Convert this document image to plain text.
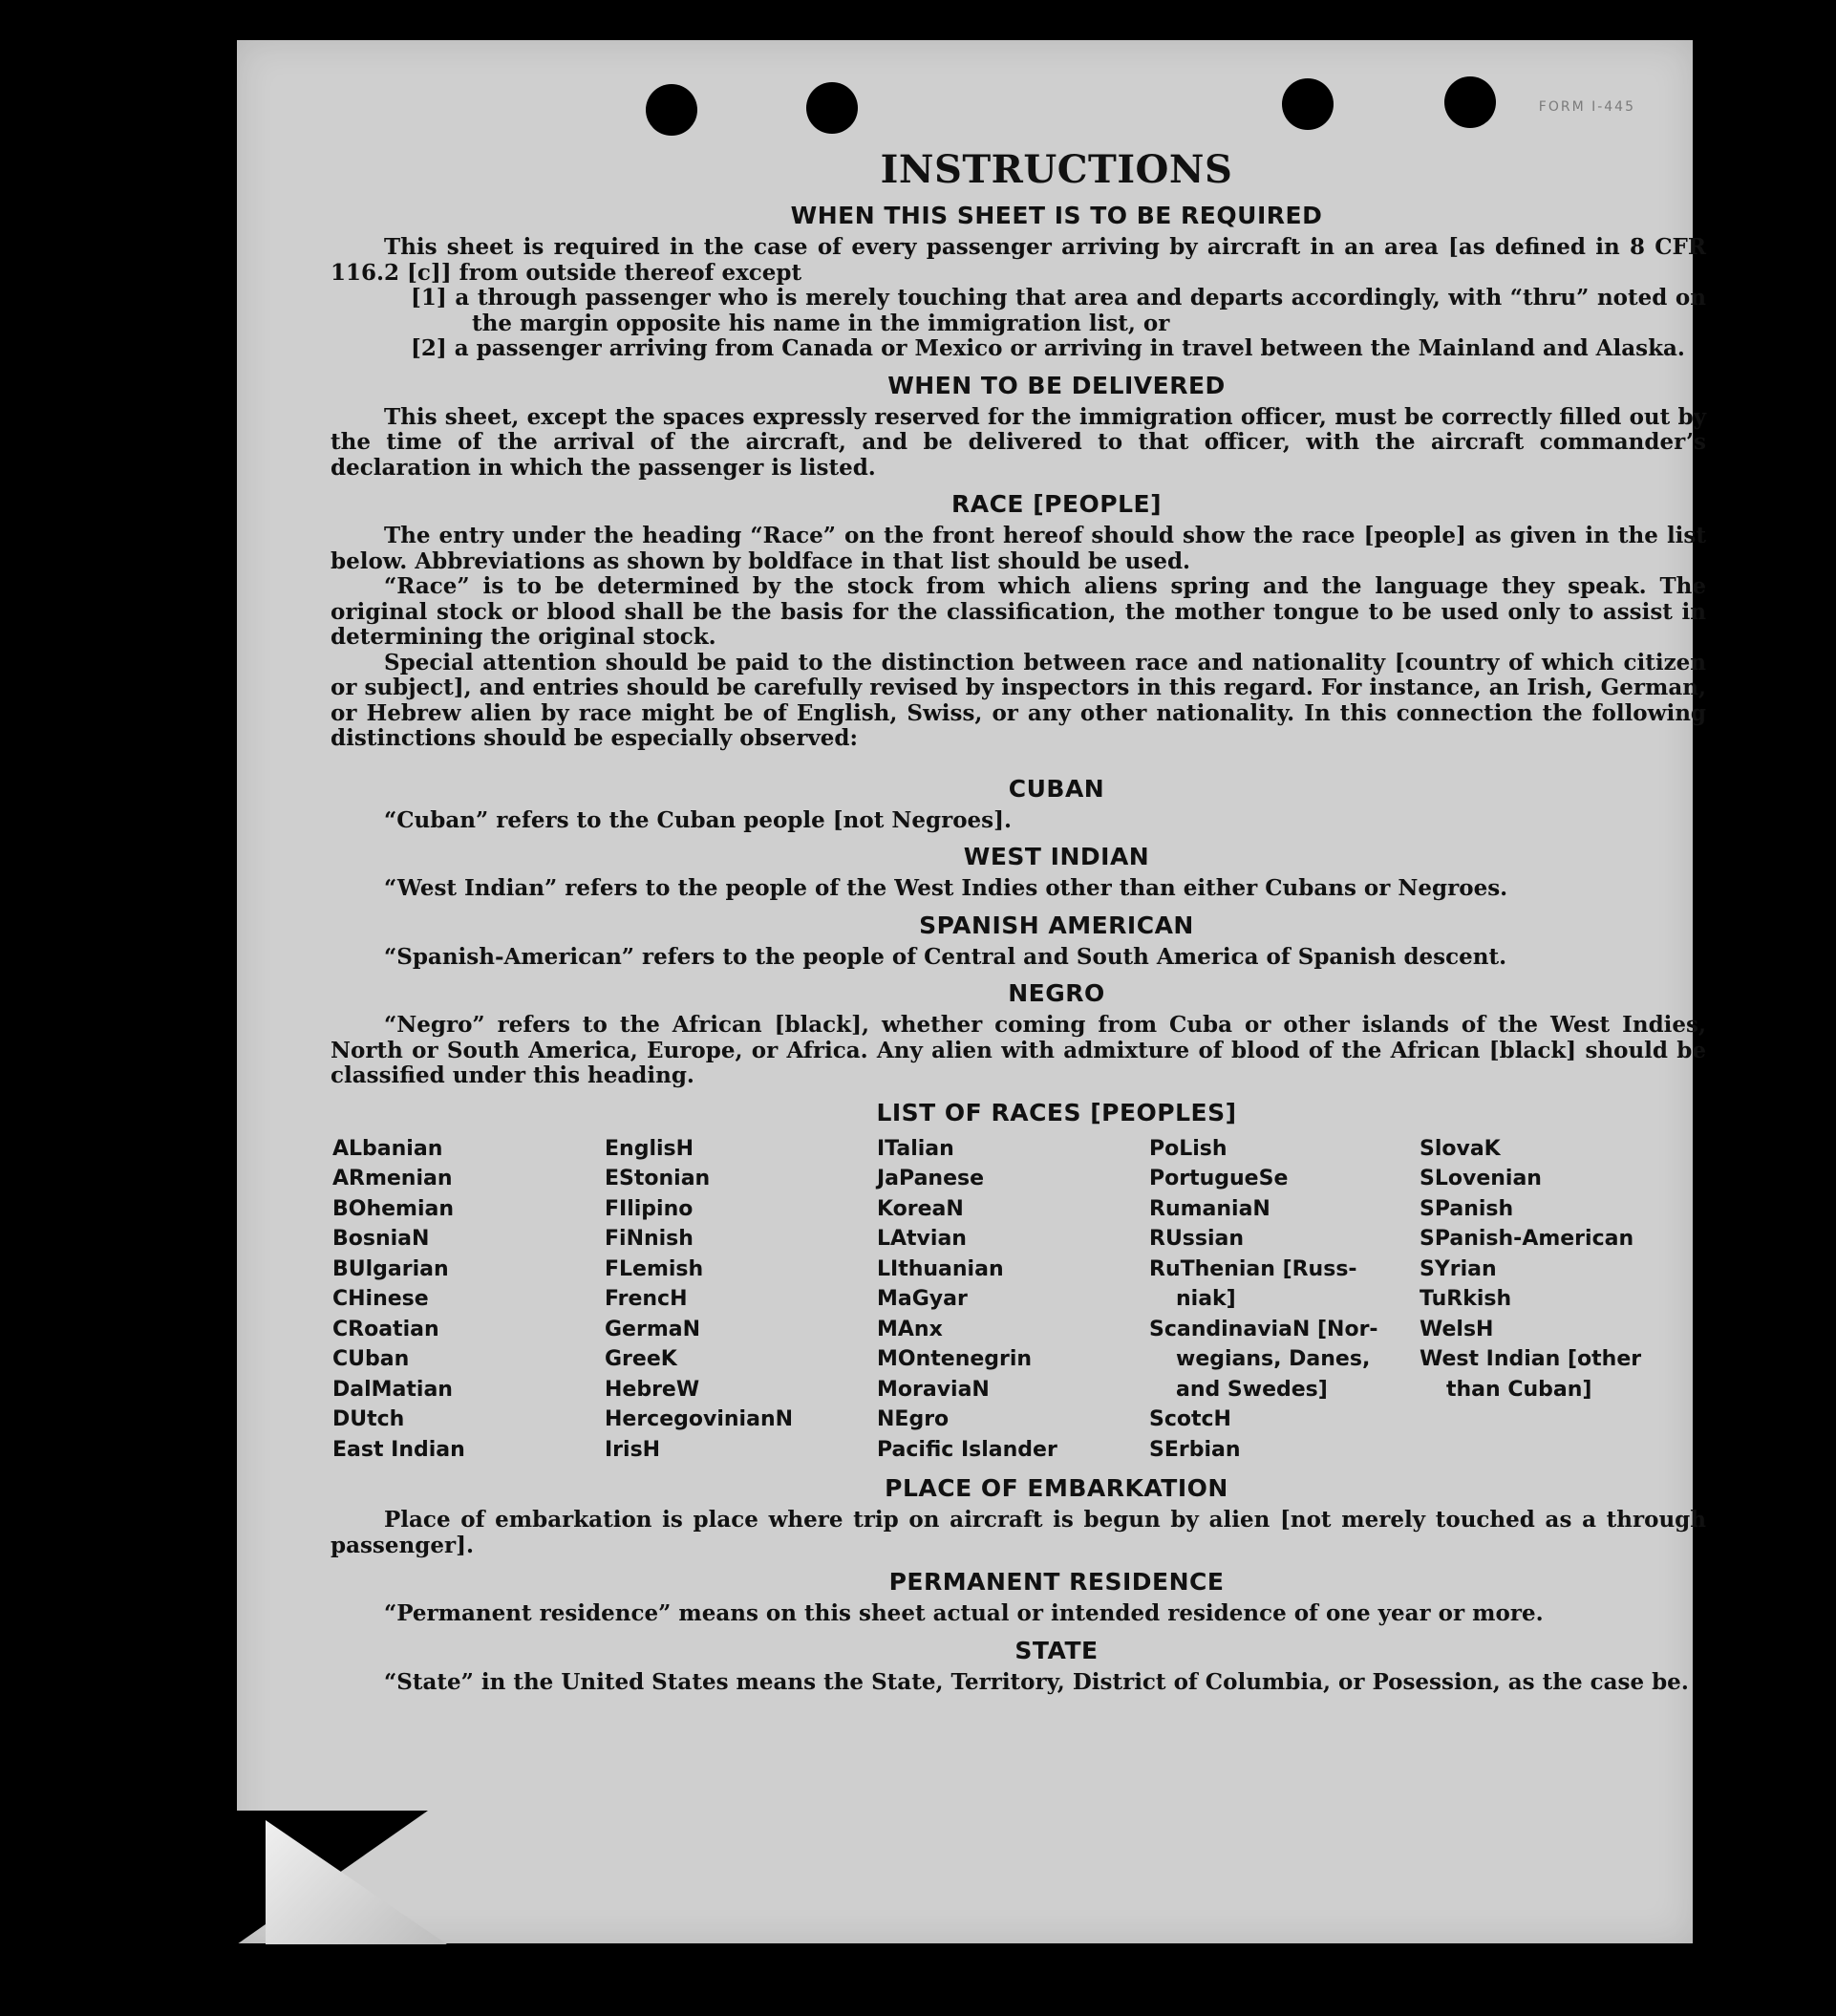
FORM I-445
INSTRUCTIONS
WHEN THIS SHEET IS TO BE REQUIRED

This sheet is required in the case of every passenger arriving by aircraft in an area [as defined in 8 CFR 116.2 [c]] from outside thereof except

[1] a through passenger who is merely touching that area and departs accordingly, with “thru” noted on the margin opposite his name in the immigration list, or

[2] a passenger arriving from Canada or Mexico or arriving in travel between the Mainland and Alaska.

WHEN TO BE DELIVERED

This sheet, except the spaces expressly reserved for the immigration officer, must be correctly filled out by the time of the arrival of the aircraft, and be delivered to that officer, with the aircraft commander’s declaration in which the passenger is listed.

RACE [PEOPLE]

The entry under the heading “Race” on the front hereof should show the race [people] as given in the list below. Abbreviations as shown by boldface in that list should be used.

“Race” is to be determined by the stock from which aliens spring and the language they speak. The original stock or blood shall be the basis for the classification, the mother tongue to be used only to assist in determining the original stock.

Special attention should be paid to the distinction between race and nationality [country of which citizen or subject], and entries should be carefully revised by inspectors in this regard. For instance, an Irish, German, or Hebrew alien by race might be of English, Swiss, or any other nationality. In this connection the following distinctions should be especially observed:

CUBAN

“Cuban” refers to the Cuban people [not Negroes].

WEST INDIAN

“West Indian” refers to the people of the West Indies other than either Cubans or Negroes.

SPANISH AMERICAN

“Spanish-American” refers to the people of Central and South America of Spanish descent.

NEGRO

“Negro” refers to the African [black], whether coming from Cuba or other islands of the West Indies, North or South America, Europe, or Africa. Any alien with admixture of blood of the African [black] should be classified under this heading.

LIST OF RACES [PEOPLES]
ALbanian
ARmenian
BOhemian
BosniaN
BUlgarian
CHinese
CRoatian
CUban
DalMatian
DUtch
East Indian
EnglisH
EStonian
FIlipino
FiNnish
FLemish
FrencH
GermaN
GreeK
HebreW
HercegovinianN
IrisH
ITalian
JaPanese
KoreaN
LAtvian
LIthuanian
MaGyar
MAnx
MOntenegrin
MoraviaN
NEgro
Pacific Islander
PoLish
PortugueSe
RumaniaN
RUssian
RuThenian [Russ-
niak]
ScandinaviaN [Nor-
wegians, Danes,
and Swedes]
ScotcH
SErbian
SlovaK
SLovenian
SPanish
SPanish-American
SYrian
TuRkish
WelsH
West Indian [other
than Cuban]
PLACE OF EMBARKATION

Place of embarkation is place where trip on aircraft is begun by alien [not merely touched as a through passenger].

PERMANENT RESIDENCE

“Permanent residence” means on this sheet actual or intended residence of one year or more.

STATE

“State” in the United States means the State, Territory, District of Columbia, or Posession, as the case be.
